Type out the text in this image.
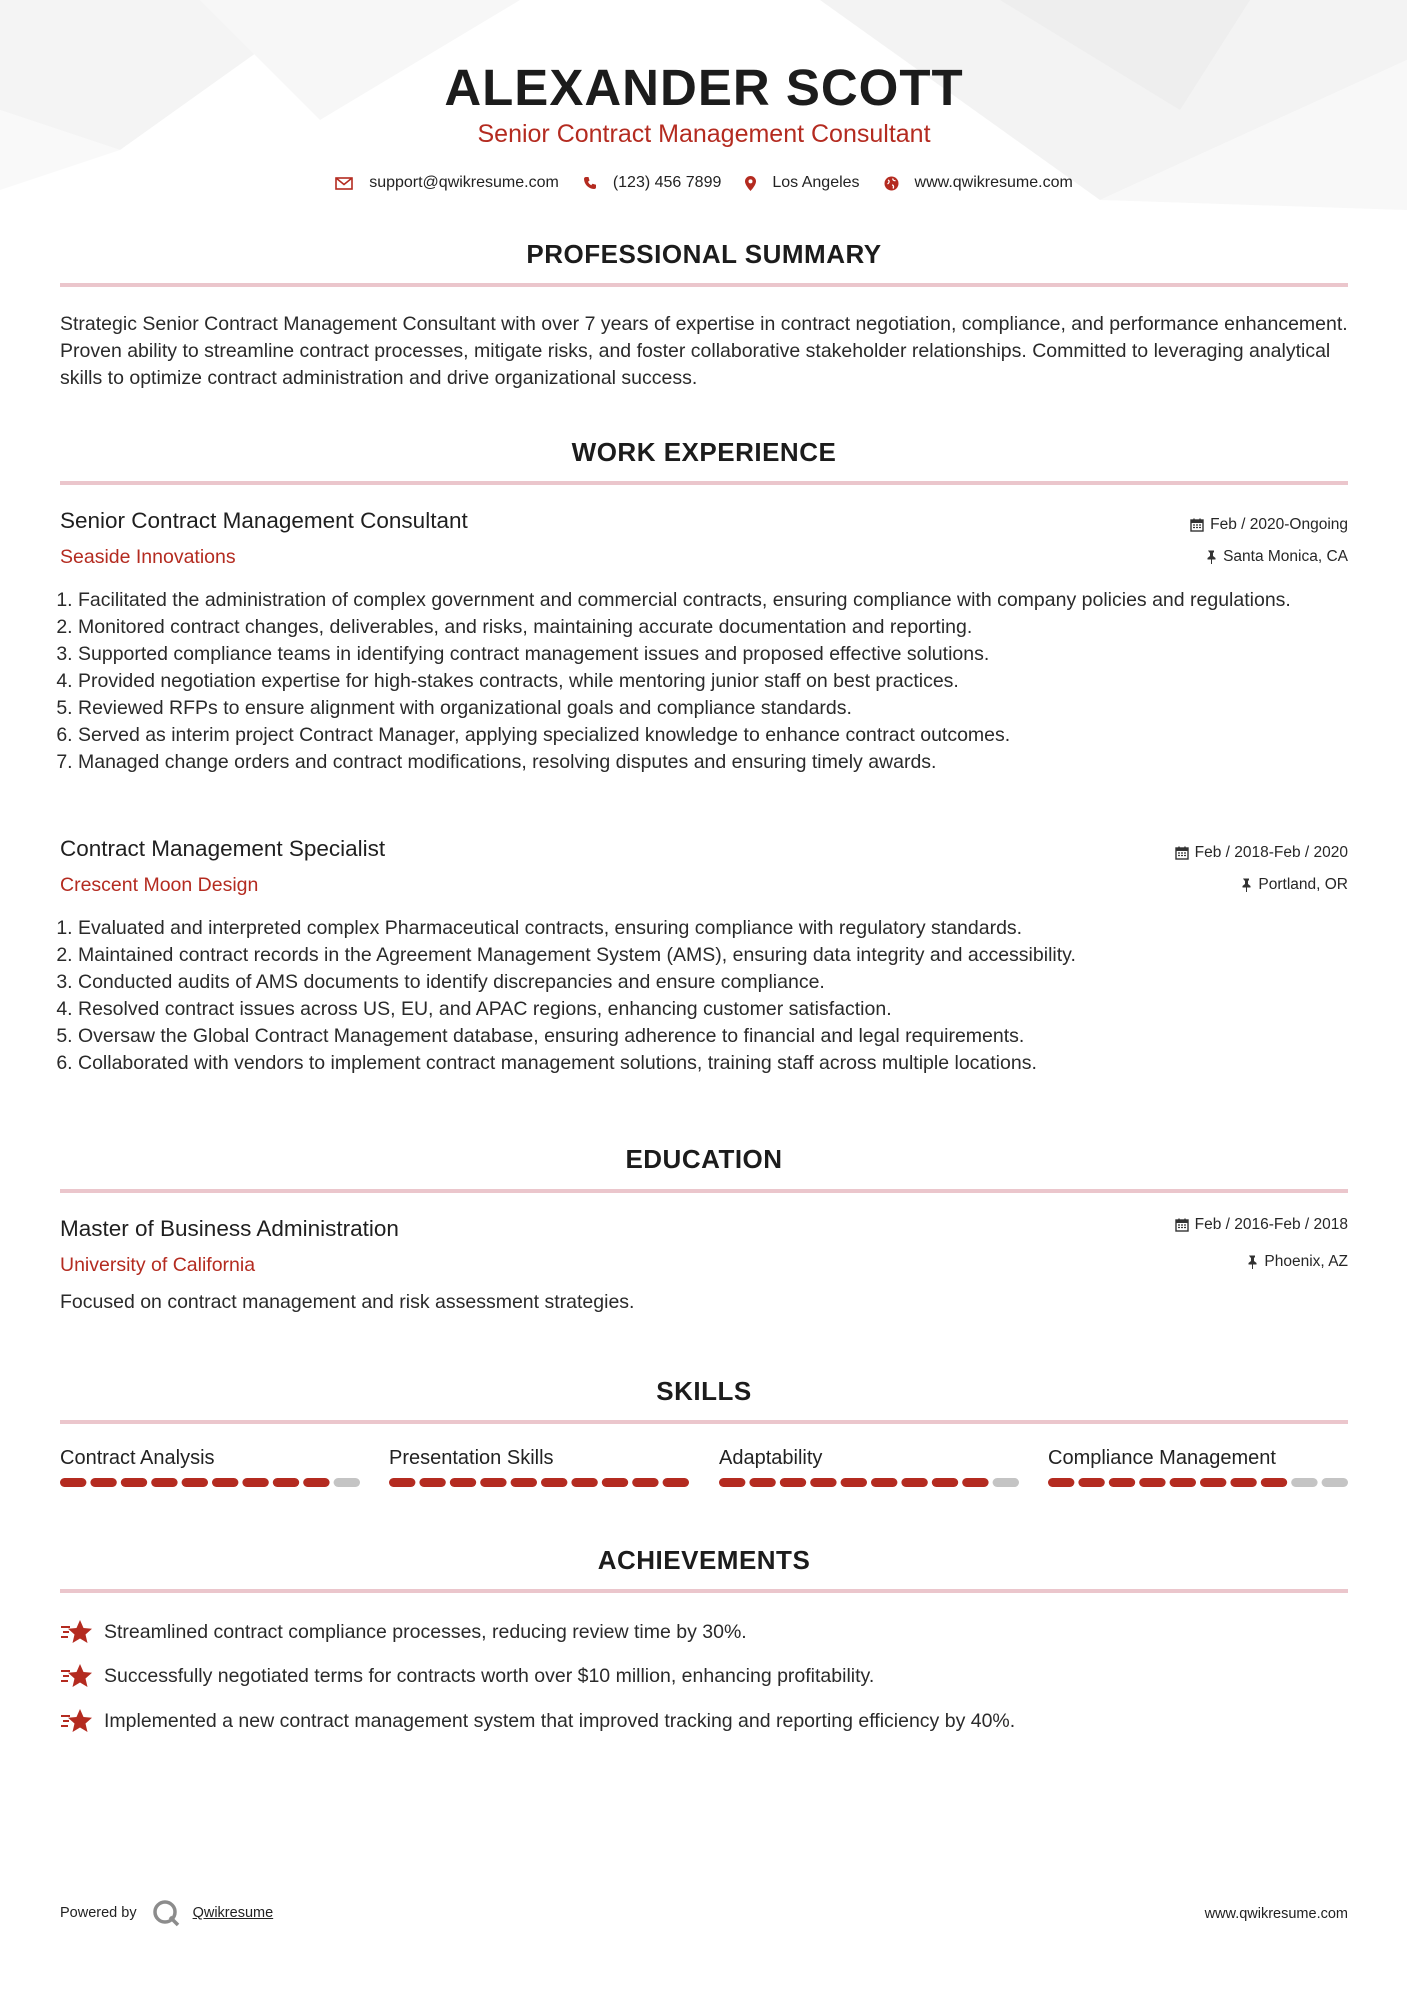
ALEXANDER SCOTT
Senior Contract Management Consultant
support@qwikresume.com	(123) 456 7899	Los Angeles	www.qwikresume.com
PROFESSIONAL SUMMARY
Strategic Senior Contract Management Consultant with over 7 years of expertise in contract negotiation, compliance, and performance enhancement. Proven ability to streamline contract processes, mitigate risks, and foster collaborative stakeholder relationships. Committed to leveraging analytical skills to optimize contract administration and drive organizational success.
WORK EXPERIENCE
Senior Contract Management Consultant	Feb / 2020-Ongoing
Seaside Innovations	Santa Monica, CA
1. Facilitated the administration of complex government and commercial contracts, ensuring compliance with company policies and regulations.
2. Monitored contract changes, deliverables, and risks, maintaining accurate documentation and reporting.
3. Supported compliance teams in identifying contract management issues and proposed effective solutions.
4. Provided negotiation expertise for high-stakes contracts, while mentoring junior staff on best practices.
5. Reviewed RFPs to ensure alignment with organizational goals and compliance standards.
6. Served as interim project Contract Manager, applying specialized knowledge to enhance contract outcomes.
7. Managed change orders and contract modifications, resolving disputes and ensuring timely awards.
Contract Management Specialist	Feb / 2018-Feb / 2020
Crescent Moon Design	Portland, OR
1. Evaluated and interpreted complex Pharmaceutical contracts, ensuring compliance with regulatory standards.
2. Maintained contract records in the Agreement Management System (AMS), ensuring data integrity and accessibility.
3. Conducted audits of AMS documents to identify discrepancies and ensure compliance.
4. Resolved contract issues across US, EU, and APAC regions, enhancing customer satisfaction.
5. Oversaw the Global Contract Management database, ensuring adherence to financial and legal requirements.
6. Collaborated with vendors to implement contract management solutions, training staff across multiple locations.
EDUCATION
Master of Business Administration	Feb / 2016-Feb / 2018
University of California	Phoenix, AZ
Focused on contract management and risk assessment strategies.
SKILLS
Contract Analysis	Presentation Skills	Adaptability	Compliance Management
ACHIEVEMENTS
Streamlined contract compliance processes, reducing review time by 30%.
Successfully negotiated terms for contracts worth over $10 million, enhancing profitability.
Implemented a new contract management system that improved tracking and reporting efficiency by 40%.
Powered by	Qwikresume	www.qwikresume.com
